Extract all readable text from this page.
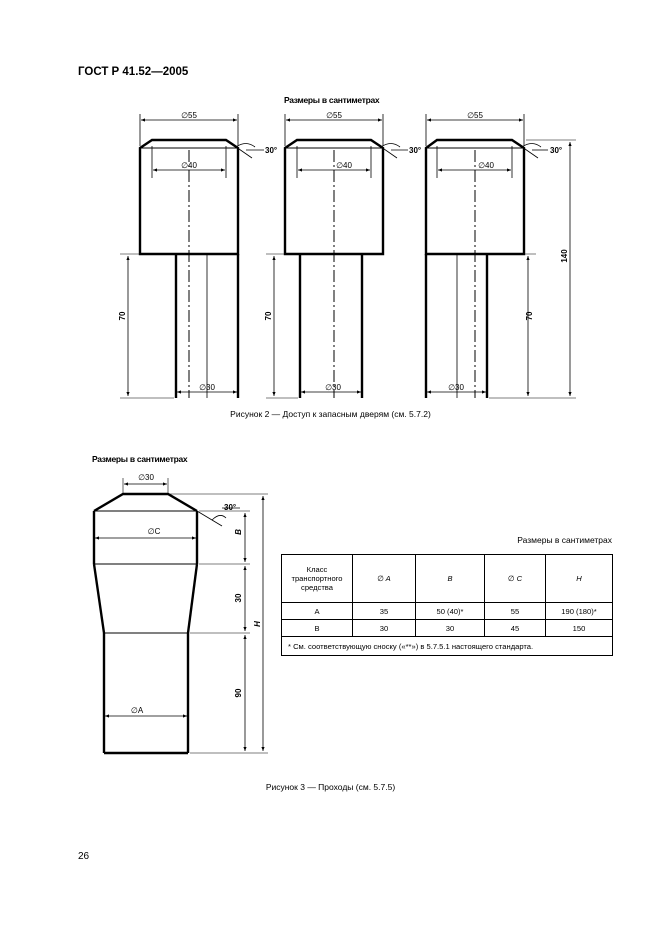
ГОСТ Р 41.52—2005
Размеры в сантиметрах
∅55
∅40
∅30
30°
70
∅55
∅40
∅30
30°
70
∅55
∅40
∅30
30°
70
140
Рисунок 2 — Доступ к запасным дверям (см. 5.7.2)
Размеры в сантиметрах
∅30
∅C
∅A
30°
B
30
90
H
Размеры в сантиметрах
Класс транспортного средства	∅ A	B	∅ C	H
A	35	50 (40)*	55	190 (180)*
B	30	30	45	150
* См. соответствующую сноску («**») в 5.7.5.1 настоящего стандарта.				
Рисунок 3 — Проходы (см. 5.7.5)
26
